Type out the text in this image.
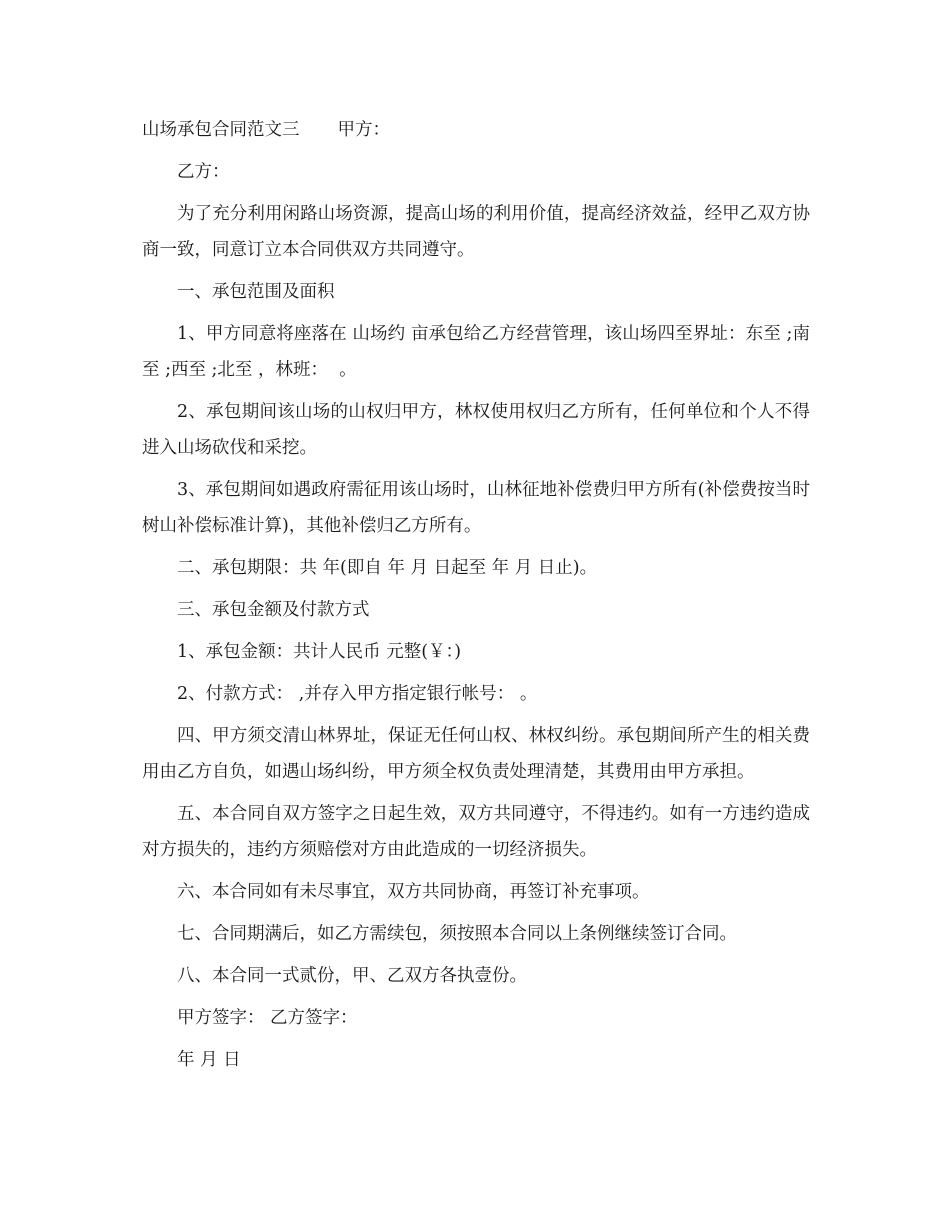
山场承包合同范文三 甲方：
乙方：
为了充分利用闲路山场资源，提高山场的利用价值，提高经济效益，经甲乙双方协商一致，同意订立本合同供双方共同遵守。
一、承包范围及面积
1、甲方同意将座落在 山场约 亩承包给乙方经营管理，该山场四至界址：东至 ;南至 ;西至 ;北至 ，林班：  。
2、承包期间该山场的山权归甲方，林权使用权归乙方所有，任何单位和个人不得进入山场砍伐和采挖。
3、承包期间如遇政府需征用该山场时，山林征地补偿费归甲方所有(补偿费按当时树山补偿标准计算)，其他补偿归乙方所有。
二、承包期限：共 年(即自 年 月 日起至 年 月 日止)。
三、承包金额及付款方式
1、承包金额：共计人民币 元整(￥：)
2、付款方式： ,并存入甲方指定银行帐号： 。
四、甲方须交清山林界址，保证无任何山权、林权纠纷。承包期间所产生的相关费用由乙方自负，如遇山场纠纷，甲方须全权负责处理清楚，其费用由甲方承担。
五、本合同自双方签字之日起生效，双方共同遵守，不得违约。如有一方违约造成对方损失的，违约方须赔偿对方由此造成的一切经济损失。
六、本合同如有未尽事宜，双方共同协商，再签订补充事项。
七、合同期满后，如乙方需续包，须按照本合同以上条例继续签订合同。
八、本合同一式贰份，甲、乙双方各执壹份。
甲方签字： 乙方签字：
年 月 日
